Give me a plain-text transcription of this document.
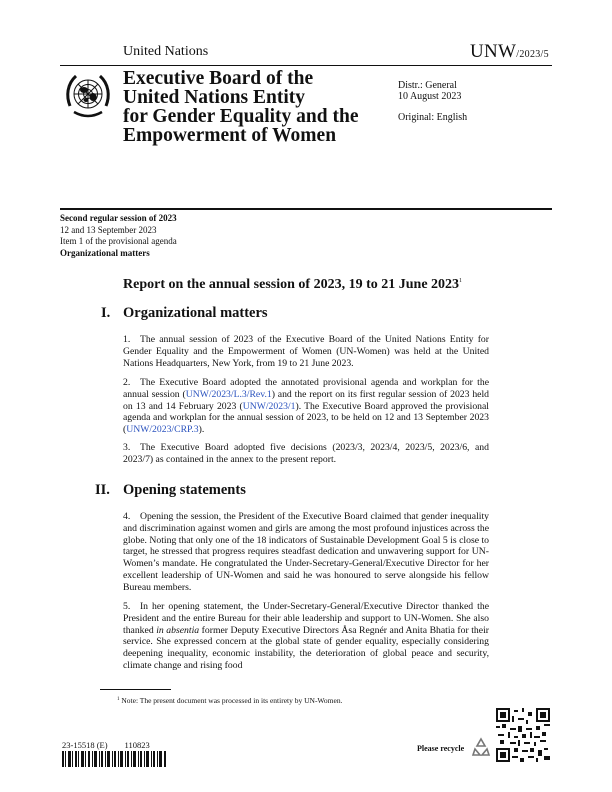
United Nations	UNW/2023/5
Executive Board of the
United Nations Entity
for Gender Equality and the
Empowerment of Women
Distr.: General
10 August 2023
Original: English
Second regular session of 2023
12 and 13 September 2023
Item 1 of the provisional agenda
Organizational matters
Report on the annual session of 2023, 19 to 21 June 2023$^1$
I. Organizational matters
1. The annual session of 2023 of the Executive Board of the United Nations Entity for Gender Equality and the Empowerment of Women (UN-Women) was held at the United Nations Headquarters, New York, from 19 to 21 June 2023.
2. The Executive Board adopted the annotated provisional agenda and workplan for the annual session (UNW/2023/L.3/Rev.1) and the report on its first regular session of 2023 held on 13 and 14 February 2023 (UNW/2023/1). The Executive Board approved the provisional agenda and workplan for the annual session of 2023, to be held on 12 and 13 September 2023 (UNW/2023/CRP.3).
3. The Executive Board adopted five decisions (2023/3, 2023/4, 2023/5, 2023/6, and 2023/7) as contained in the annex to the present report.
II. Opening statements
4. Opening the session, the President of the Executive Board claimed that gender inequality and discrimination against women and girls are among the most profound injustices across the globe. Noting that only one of the 18 indicators of Sustainable Development Goal 5 is close to target, he stressed that progress requires steadfast dedication and unwavering support for UN-Women’s mandate. He congratulated the Under-Secretary-General/Executive Director for her excellent leadership of UN-Women and said he was honoured to serve alongside his fellow Bureau members.
5. In her opening statement, the Under-Secretary-General/Executive Director thanked the President and the entire Bureau for their able leadership and support to UN-Women. She also thanked in absentia former Deputy Executive Directors Åsa Regnér and Anita Bhatia for their service. She expressed concern at the global state of gender equality, especially considering deepening inequality, economic instability, the deterioration of global peace and security, climate change and rising food
$^1$ Note: The present document was processed in its entirety by UN-Women.
23-15518 (E)  110823	Please recycle
